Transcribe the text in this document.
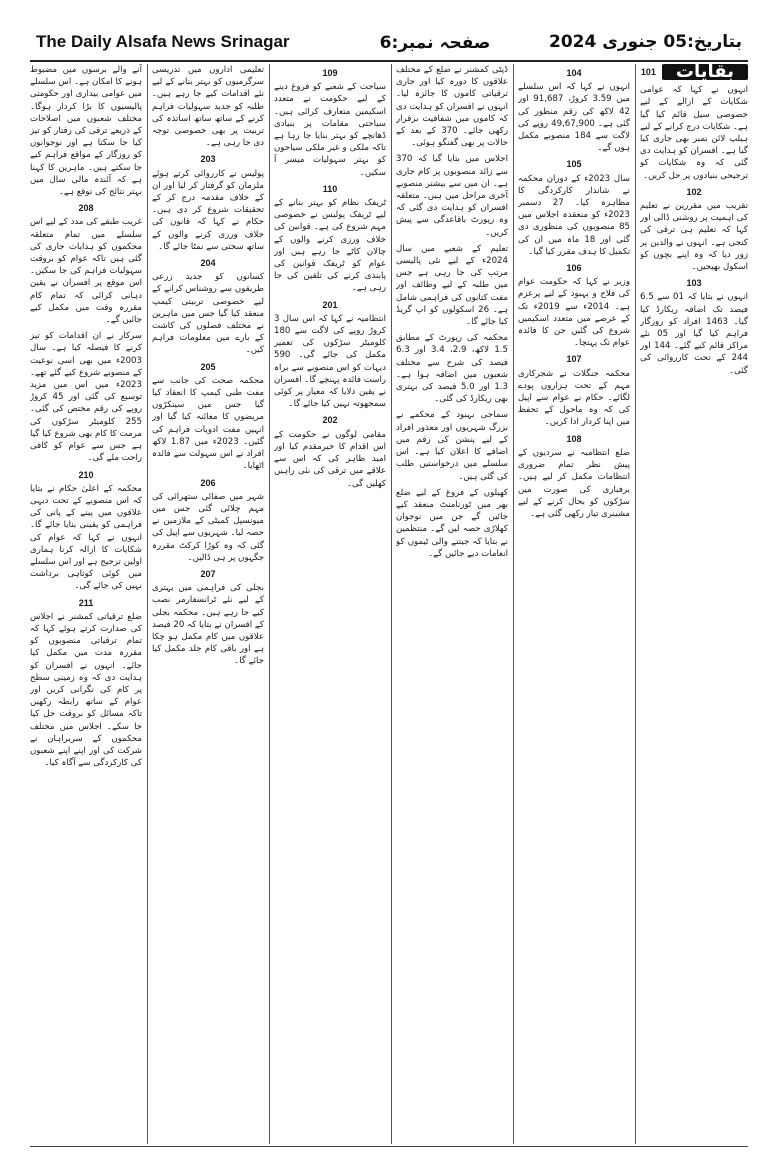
The Daily Alsafa News Srinagar	صفحہ نمبر:6	بتاریخ:05 جنوری 2024

آنے والے برسوں میں مضبوط ہونے کا امکان ہے۔ اس سلسلے میں عوامی بیداری اور حکومتی پالیسیوں کا بڑا کردار ہوگا۔ مختلف شعبوں میں اصلاحات کے ذریعے ترقی کی رفتار کو تیز کیا جا سکتا ہے اور نوجوانوں کو روزگار کے مواقع فراہم کیے جا سکتے ہیں۔ ماہرین کا کہنا ہے کہ آئندہ مالی سال میں بہتر نتائج کی توقع ہے۔

208

غریب طبقے کی مدد کے لیے اس سلسلے میں تمام متعلقہ محکموں کو ہدایات جاری کی گئی ہیں تاکہ عوام کو بروقت سہولیات فراہم کی جا سکیں۔ اس موقع پر افسران نے یقین دہانی کرائی کہ تمام کام مقررہ وقت میں مکمل کیے جائیں گے۔

سرکار نے ان اقدامات کو تیز کرنے کا فیصلہ کیا ہے۔ سال 2003ء میں بھی اسی نوعیت کے منصوبے شروع کیے گئے تھے۔ 2023ء میں اس میں مزید توسیع کی گئی اور 45 کروڑ روپے کی رقم مختص کی گئی۔ 255 کلومیٹر سڑکوں کی مرمت کا کام بھی شروع کیا گیا ہے جس سے عوام کو کافی راحت ملے گی۔

210

محکمہ کے اعلیٰ حکام نے بتایا کہ اس منصوبے کے تحت دیہی علاقوں میں پینے کے پانی کی فراہمی کو یقینی بنایا جائے گا۔ انہوں نے کہا کہ عوام کی شکایات کا ازالہ کرنا ہماری اولین ترجیح ہے اور اس سلسلے میں کوئی کوتاہی برداشت نہیں کی جائے گی۔

211

ضلع ترقیاتی کمشنر نے اجلاس کی صدارت کرتے ہوئے کہا کہ تمام ترقیاتی منصوبوں کو مقررہ مدت میں مکمل کیا جائے۔ انہوں نے افسران کو ہدایت دی کہ وہ زمینی سطح پر کام کی نگرانی کریں اور عوام کے ساتھ رابطہ رکھیں تاکہ مسائل کو بروقت حل کیا جا سکے۔ اجلاس میں مختلف محکموں کے سربراہان نے شرکت کی اور اپنے اپنے شعبوں کی کارکردگی سے آگاہ کیا۔

تعلیمی اداروں میں تدریسی سرگرمیوں کو بہتر بنانے کے لیے نئے اقدامات کیے جا رہے ہیں۔ طلبہ کو جدید سہولیات فراہم کرنے کے ساتھ ساتھ اساتذہ کی تربیت پر بھی خصوصی توجہ دی جا رہی ہے۔

203

پولیس نے کارروائی کرتے ہوئے ملزمان کو گرفتار کر لیا اور ان کے خلاف مقدمہ درج کر کے تحقیقات شروع کر دی ہیں۔ حکام نے کہا کہ قانون کی خلاف ورزی کرنے والوں کے ساتھ سختی سے نمٹا جائے گا۔

204

کسانوں کو جدید زرعی طریقوں سے روشناس کرانے کے لیے خصوصی تربیتی کیمپ منعقد کیا گیا جس میں ماہرین نے مختلف فصلوں کی کاشت کے بارے میں معلومات فراہم کیں۔

205

محکمہ صحت کی جانب سے مفت طبی کیمپ کا انعقاد کیا گیا جس میں سینکڑوں مریضوں کا معائنہ کیا گیا اور انہیں مفت ادویات فراہم کی گئیں۔ 2023ء میں 1.87 لاکھ افراد نے اس سہولت سے فائدہ اٹھایا۔

206

شہر میں صفائی ستھرائی کی مہم چلائی گئی جس میں میونسپل کمیٹی کے ملازمین نے حصہ لیا۔ شہریوں سے اپیل کی گئی کہ وہ کوڑا کرکٹ مقررہ جگہوں پر ہی ڈالیں۔

207

بجلی کی فراہمی میں بہتری کے لیے نئے ٹرانسفارمر نصب کیے جا رہے ہیں۔ محکمہ بجلی کے افسران نے بتایا کہ 20 فیصد علاقوں میں کام مکمل ہو چکا ہے اور باقی کام جلد مکمل کیا جائے گا۔

109

سیاحت کے شعبے کو فروغ دینے کے لیے حکومت نے متعدد اسکیمیں متعارف کرائی ہیں۔ سیاحتی مقامات پر بنیادی ڈھانچے کو بہتر بنایا جا رہا ہے تاکہ ملکی و غیر ملکی سیاحوں کو بہتر سہولیات میسر آ سکیں۔

110

ٹریفک نظام کو بہتر بنانے کے لیے ٹریفک پولیس نے خصوصی مہم شروع کی ہے۔ قوانین کی خلاف ورزی کرنے والوں کے چالان کاٹے جا رہے ہیں اور عوام کو ٹریفک قوانین کی پابندی کرنے کی تلقین کی جا رہی ہے۔

201

انتظامیہ نے کہا کہ اس سال 3 کروڑ روپے کی لاگت سے 180 کلومیٹر سڑکوں کی تعمیر مکمل کی جائے گی۔ 590 دیہات کو اس منصوبے سے براہ راست فائدہ پہنچے گا۔ افسران نے یقین دلایا کہ معیار پر کوئی سمجھوتہ نہیں کیا جائے گا۔

202

مقامی لوگوں نے حکومت کے اس اقدام کا خیرمقدم کیا اور امید ظاہر کی کہ اس سے علاقے میں ترقی کی نئی راہیں کھلیں گی۔

ڈپٹی کمشنر نے ضلع کے مختلف علاقوں کا دورہ کیا اور جاری ترقیاتی کاموں کا جائزہ لیا۔ انہوں نے افسران کو ہدایت دی کہ کاموں میں شفافیت برقرار رکھی جائے۔ 370 کے بعد کے حالات پر بھی گفتگو ہوئی۔

اجلاس میں بتایا گیا کہ 370 سے زائد منصوبوں پر کام جاری ہے۔ ان میں سے بیشتر منصوبے آخری مراحل میں ہیں۔ متعلقہ افسران کو ہدایت دی گئی کہ وہ رپورٹ باقاعدگی سے پیش کریں۔

تعلیم کے شعبے میں سال 2024ء کے لیے نئی پالیسی مرتب کی جا رہی ہے جس میں طلبہ کے لیے وظائف اور مفت کتابوں کی فراہمی شامل ہے۔ 26 اسکولوں کو اپ گریڈ کیا جائے گا۔

محکمہ کی رپورٹ کے مطابق 1.5 لاکھ، 2.9، 3.4 اور 6.3 فیصد کی شرح سے مختلف شعبوں میں اضافہ ہوا ہے۔ 1.3 اور 5.0 فیصد کی بہتری بھی ریکارڈ کی گئی۔

سماجی بہبود کے محکمے نے بزرگ شہریوں اور معذور افراد کے لیے پنشن کی رقم میں اضافے کا اعلان کیا ہے۔ اس سلسلے میں درخواستیں طلب کی گئی ہیں۔

کھیلوں کے فروغ کے لیے ضلع بھر میں ٹورنامنٹ منعقد کیے جائیں گے جن میں نوجوان کھلاڑی حصہ لیں گے۔ منتظمین نے بتایا کہ جیتنے والی ٹیموں کو انعامات دیے جائیں گے۔

104

انہوں نے کہا کہ اس سلسلے میں 3.59 کروڑ، 91,687 اور 42 لاکھ کی رقم منظور کی گئی ہے۔ 49,67,900 روپے کی لاگت سے 184 منصوبے مکمل ہوں گے۔

105

سال 2023ء کے دوران محکمہ نے شاندار کارکردگی کا مظاہرہ کیا۔ 27 دسمبر 2023ء کو منعقدہ اجلاس میں 85 منصوبوں کی منظوری دی گئی اور 18 ماہ میں ان کی تکمیل کا ہدف مقرر کیا گیا۔

106

وزیر نے کہا کہ حکومت عوام کی فلاح و بہبود کے لیے پرعزم ہے۔ 2014ء سے 2019ء تک کے عرصے میں متعدد اسکیمیں شروع کی گئیں جن کا فائدہ عوام تک پہنچا۔

107

محکمہ جنگلات نے شجرکاری مہم کے تحت ہزاروں پودے لگائے۔ حکام نے عوام سے اپیل کی کہ وہ ماحول کے تحفظ میں اپنا کردار ادا کریں۔

108

ضلع انتظامیہ نے سردیوں کے پیش نظر تمام ضروری انتظامات مکمل کر لیے ہیں۔ برفباری کی صورت میں سڑکوں کو بحال کرنے کے لیے مشینری تیار رکھی گئی ہے۔

بقایات
101

انہوں نے کہا کہ عوامی شکایات کے ازالے کے لیے خصوصی سیل قائم کیا گیا ہے۔ شکایات درج کرانے کے لیے ہیلپ لائن نمبر بھی جاری کیا گیا ہے۔ افسران کو ہدایت دی گئی کہ وہ شکایات کو ترجیحی بنیادوں پر حل کریں۔

102

تقریب میں مقررین نے تعلیم کی اہمیت پر روشنی ڈالی اور کہا کہ تعلیم ہی ترقی کی کنجی ہے۔ انہوں نے والدین پر زور دیا کہ وہ اپنے بچوں کو اسکول بھیجیں۔

103

انہوں نے بتایا کہ 01 سے 6.5 فیصد تک اضافہ ریکارڈ کیا گیا۔ 1463 افراد کو روزگار فراہم کیا گیا اور 05 نئے مراکز قائم کیے گئے۔ 144 اور 244 کے تحت کارروائی کی گئی۔
